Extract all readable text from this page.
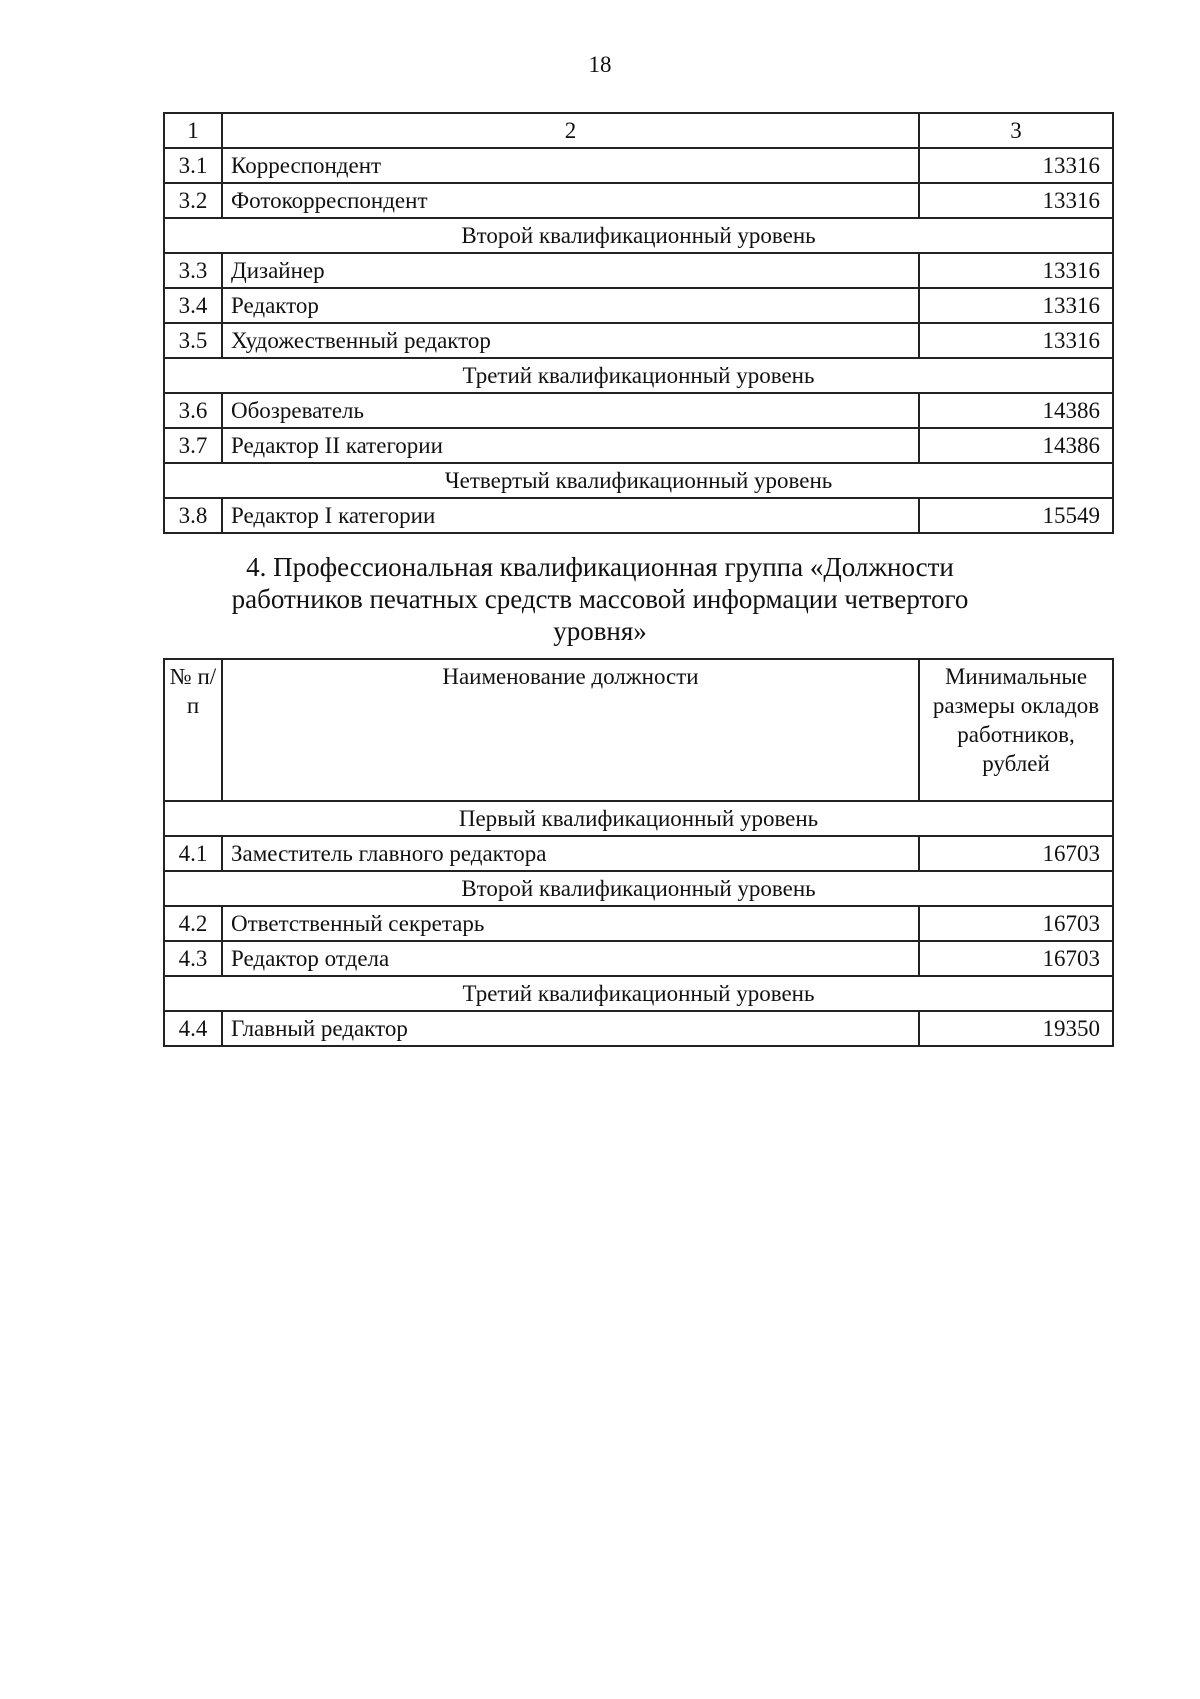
18
1	2	3
3.1	Корреспондент	13316
3.2	Фотокорреспондент	13316
Второй квалификационный уровень		
3.3	Дизайнер	13316
3.4	Редактор	13316
3.5	Художественный редактор	13316
Третий квалификационный уровень		
3.6	Обозреватель	14386
3.7	Редактор II категории	14386
Четвертый квалификационный уровень		
3.8	Редактор I категории	15549
4. Профессиональная квалификационная группа «Должности работников печатных средств массовой информации четвертого уровня»
№ п/п	Наименование должности	Минимальные размеры окладов работников, рублей
Первый квалификационный уровень		
4.1	Заместитель главного редактора	16703
Второй квалификационный уровень		
4.2	Ответственный секретарь	16703
4.3	Редактор отдела	16703
Третий квалификационный уровень		
4.4	Главный редактор	19350
